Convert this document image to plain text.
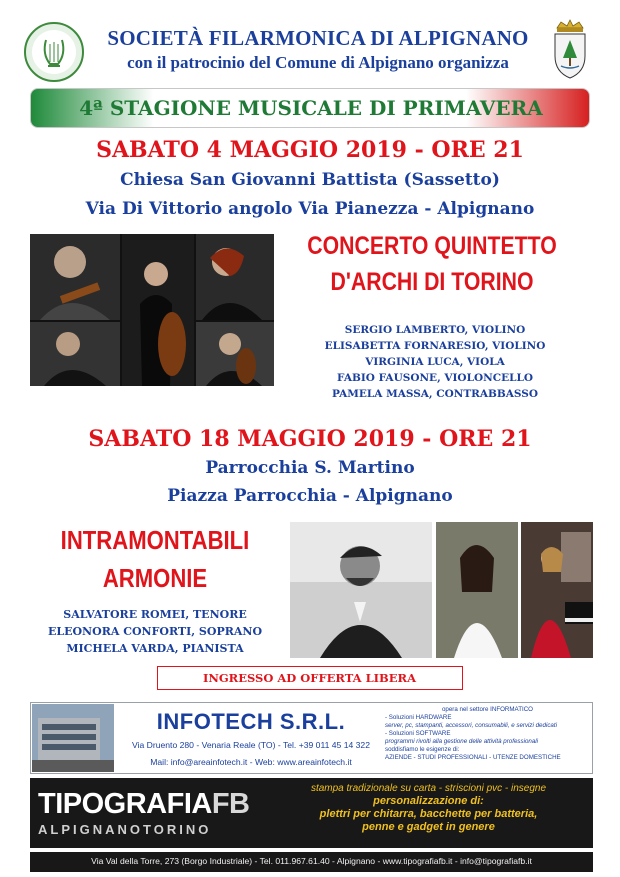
SOCIETÀ FILARMONICA DI ALPIGNANO
con il patrocinio del Comune di Alpignano organizza
4ª STAGIONE MUSICALE DI PRIMAVERA
SABATO 4 MAGGIO 2019 - ORE 21
Chiesa San Giovanni Battista (Sassetto)
Via Di Vittorio angolo Via Pianezza - Alpignano
CONCERTO QUINTETTO
D'ARCHI DI TORINO
SERGIO LAMBERTO, VIOLINO
ELISABETTA FORNARESIO, VIOLINO
VIRGINIA LUCA, VIOLA
FABIO FAUSONE, VIOLONCELLO
PAMELA MASSA, CONTRABBASSO
SABATO 18 MAGGIO 2019 - ORE 21
Parrocchia S. Martino
Piazza Parrocchia - Alpignano
INTRAMONTABILI
ARMONIE
SALVATORE ROMEI, TENORE
ELEONORA CONFORTI, SOPRANO
MICHELA VARDA, PIANISTA
INGRESSO AD OFFERTA LIBERA
INFOTECH S.R.L.
Via Druento 280 - Venaria Reale (TO) - Tel. +39 011 45 14 322
Mail: info@areainfotech.it - Web: www.areainfotech.it
opera nel settore INFORMATICO
- Soluzioni HARDWARE
server, pc, stampanti, accessori, consumabili, e servizi dedicati
- Soluzioni SOFTWARE
programmi rivolti alla gestione delle attività professionali
soddisfiamo le esigenze di:
AZIENDE - STUDI PROFESSIONALI - UTENZE DOMESTICHE
TIPOGRAFIAFB
ALPIGNANOTORINO
stampa tradizionale su carta - striscioni pvc - insegne
personalizzazione di:
plettri per chitarra, bacchette per batteria,
penne e gadget in genere
Via Val della Torre, 273 (Borgo Industriale) - Tel. 011.967.61.40 - Alpignano - www.tipografiafb.it - info@tipografiafb.it
